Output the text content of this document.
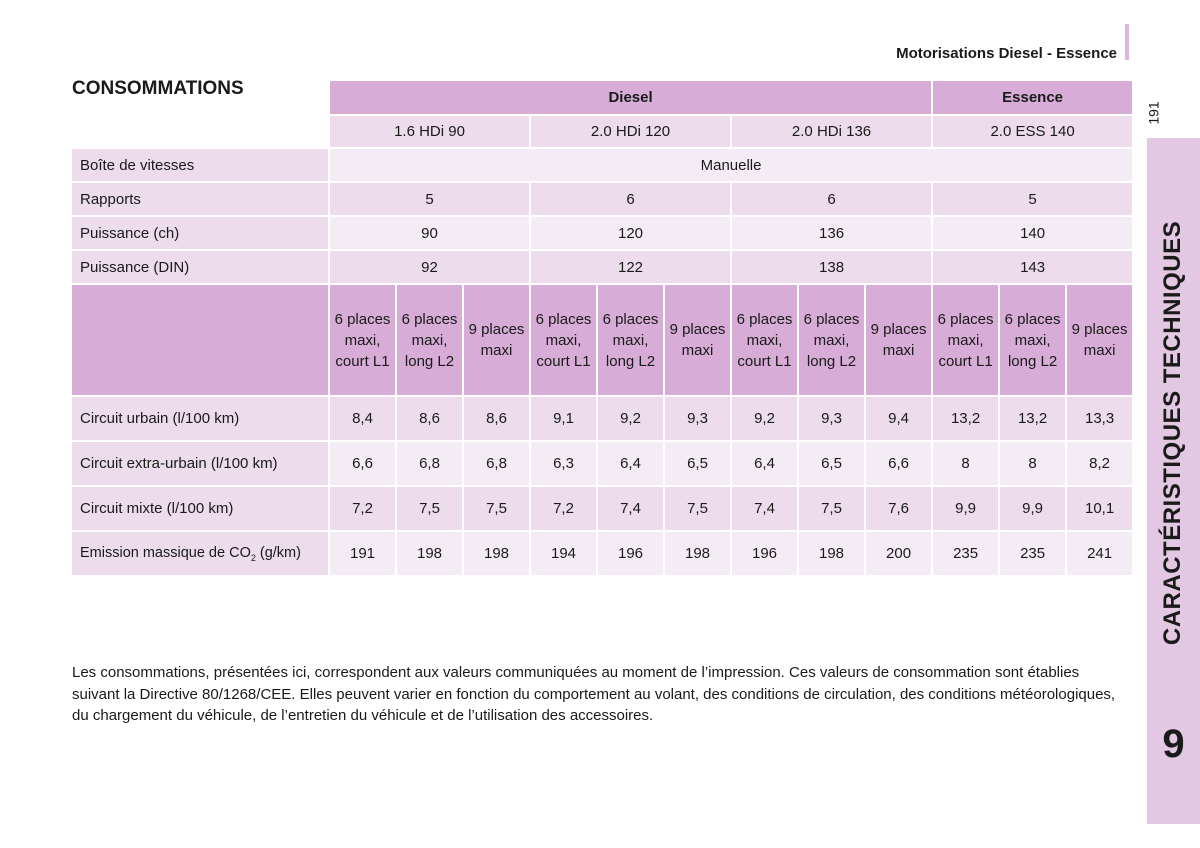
Motorisations Diesel - Essence
191
CARACTÉRISTIQUES TECHNIQUES
9
CONSOMMATIONS
		Diesel									Essence		
	1.6 HDi 90			2.0 HDi 120			2.0 HDi 136			2.0 ESS 140		
Boîte de vitesses	Manuelle											
Rapports	5			6			6			5		
Puissance (ch)	90			120			136			140		
Puissance (DIN)	92			122			138			143		
	6 places maxi, court L1	6 places maxi, long L2	9 places maxi	6 places maxi, court L1	6 places maxi, long L2	9 places maxi	6 places maxi, court L1	6 places maxi, long L2	9 places maxi	6 places maxi, court L1	6 places maxi, long L2	9 places maxi
Circuit urbain (l/100 km)	8,4	8,6	8,6	9,1	9,2	9,3	9,2	9,3	9,4	13,2	13,2	13,3
Circuit extra-urbain (l/100 km)	6,6	6,8	6,8	6,3	6,4	6,5	6,4	6,5	6,6	8	8	8,2
Circuit mixte (l/100 km)	7,2	7,5	7,5	7,2	7,4	7,5	7,4	7,5	7,6	9,9	9,9	10,1
Emission massique de $CO_2$ (g/km)	191	198	198	194	196	198	196	198	200	235	235	241
Les consommations, présentées ici, correspondent aux valeurs communiquées au moment de l’impression. Ces valeurs de consommation sont établies suivant la Directive 80/1268/CEE. Elles peuvent varier en fonction du comportement au volant, des conditions de circulation, des conditions météorologiques, du chargement du véhicule, de l’entretien du véhicule et de l’utilisation des accessoires.
